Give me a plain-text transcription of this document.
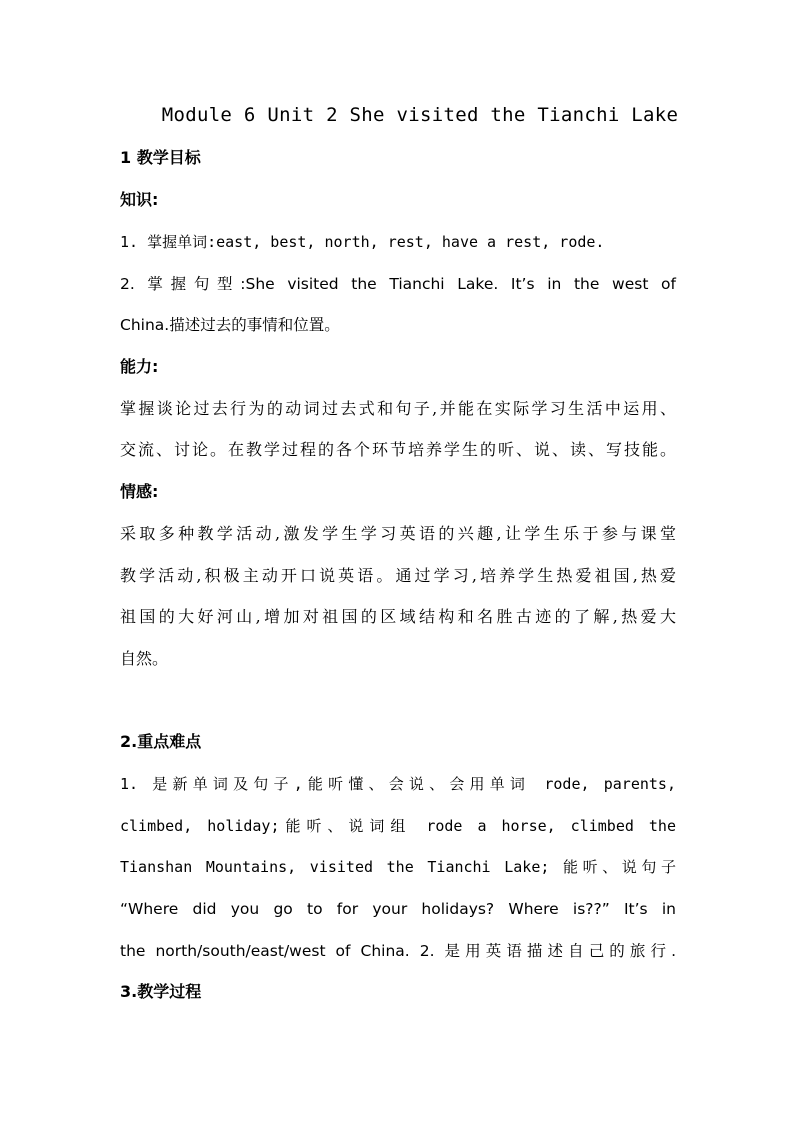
Module 6 Unit 2 She visited the Tianchi Lake
1 教学目标
知识:
1. 掌握单词:east, best, north, rest, have a rest, rode.
2. 掌握句型:She visited the Tianchi Lake. It’s in the west of
China.描述过去的事情和位置。
能力:
掌握谈论过去行为的动词过去式和句子,并能在实际学习生活中运用、
交流、讨论。在教学过程的各个环节培养学生的听、说、读、写技能。
情感:
采取多种教学活动,激发学生学习英语的兴趣,让学生乐于参与课堂
教学活动,积极主动开口说英语。通过学习,培养学生热爱祖国,热爱
祖国的大好河山,增加对祖国的区域结构和名胜古迹的了解,热爱大
自然。
2.重点难点
1. 是新单词及句子,能听懂、会说、会用单词 rode, parents,
climbed, holiday;能听、说词组 rode a horse, climbed the
Tianshan Mountains, visited the Tianchi Lake; 能听、说句子
“Where did you go to for your holidays? Where is??” It’s in
the north/south/east/west of China. 2. 是用英语描述自己的旅行.
3.教学过程
